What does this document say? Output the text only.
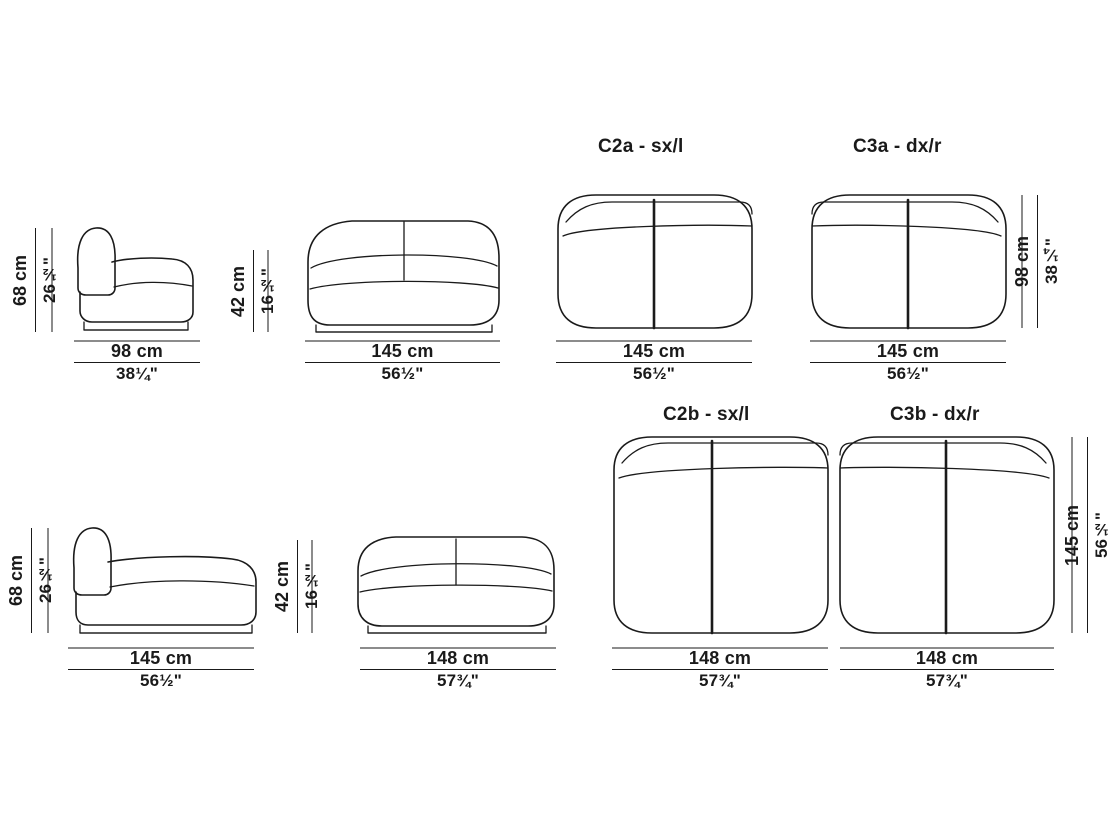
C2a - sx/l	C3a - dx/r
C2b - sx/l	C3b - dx/r
98 cm
38¼"
145 cm
56½"
145 cm
56½"
145 cm
56½"
145 cm
56½"
148 cm
57¾"
148 cm
57¾"
148 cm
57¾"
68 cm 26½"	42 cm 16½"
98 cm 38¼"
68 cm 26½"	42 cm 16½"
145 cm 56½"
